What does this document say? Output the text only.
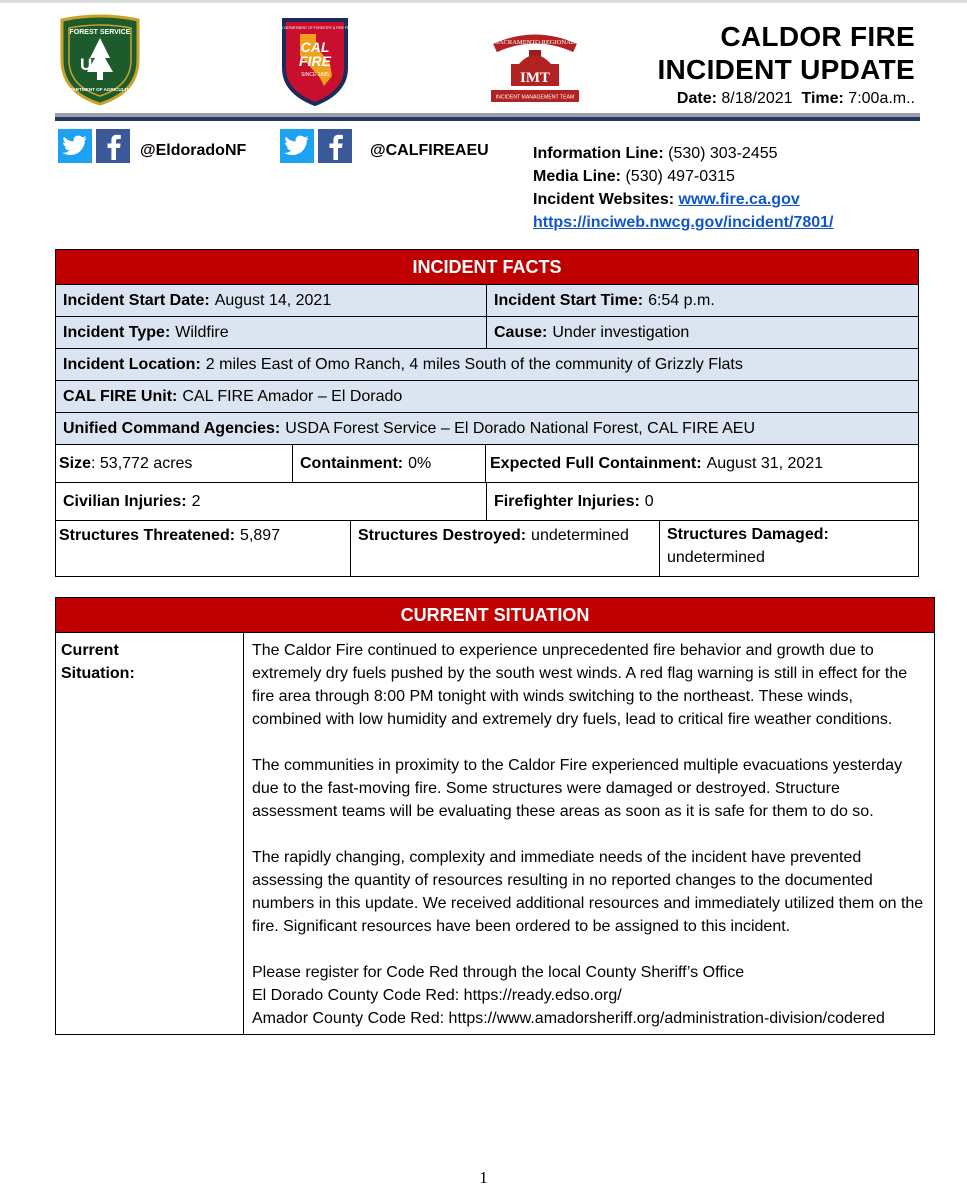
US
FOREST SERVICE
DEPARTMENT OF AGRICULTURE
CALIFORNIA DEPARTMENT OF FORESTRY & FIRE PROTECTION
CAL
FIRE
SINCE 1885
SACRAMENTO REGIONAL
IMT
INCIDENT MANAGEMENT TEAM
CALDOR FIRE
INCIDENT UPDATE
Date: 8/18/2021 Time: 7:00a.m..
@EldoradoNF	@CALFIREAEU	Information Line: (530) 303-2455
Media Line: (530) 497-0315
Incident Websites: www.fire.ca.gov
https://inciweb.nwcg.gov/incident/7801/
INCIDENT FACTS
Incident Start Date: August 14, 2021	Incident Start Time: 6:54 p.m.
Incident Type: Wildfire	Cause: Under investigation
Incident Location: 2 miles East of Omo Ranch, 4 miles South of the community of Grizzly Flats
CAL FIRE Unit: CAL FIRE Amador – El Dorado
Unified Command Agencies: USDA Forest Service – El Dorado National Forest, CAL FIRE AEU
Size : 53,772 acres	Containment: 0%	Expected Full Containment: August 31, 2021
Civilian Injuries: 2	Firefighter Injuries: 0
Structures Threatened: 5,897	Structures Destroyed: undetermined Structures Damaged:
undetermined
CURRENT SITUATION
Current
Situation:

The Caldor Fire continued to experience unprecedented fire behavior and growth due to extremely dry fuels pushed by the south west winds. A red flag warning is still in effect for the fire area through 8:00 PM tonight with winds switching to the northeast. These winds, combined with low humidity and extremely dry fuels, lead to critical fire weather conditions.

The communities in proximity to the Caldor Fire experienced multiple evacuations yesterday due to the fast-moving fire. Some structures were damaged or destroyed. Structure assessment teams will be evaluating these areas as soon as it is safe for them to do so.

The rapidly changing, complexity and immediate needs of the incident have prevented assessing the quantity of resources resulting in no reported changes to the documented numbers in this update. We received additional resources and immediately utilized them on the fire. Significant resources have been ordered to be assigned to this incident.

Please register for Code Red through the local County Sheriff’s Office
El Dorado County Code Red: https://ready.edso.org/
Amador County Code Red: https://www.amadorsheriff.org/administration-division/codered

1
